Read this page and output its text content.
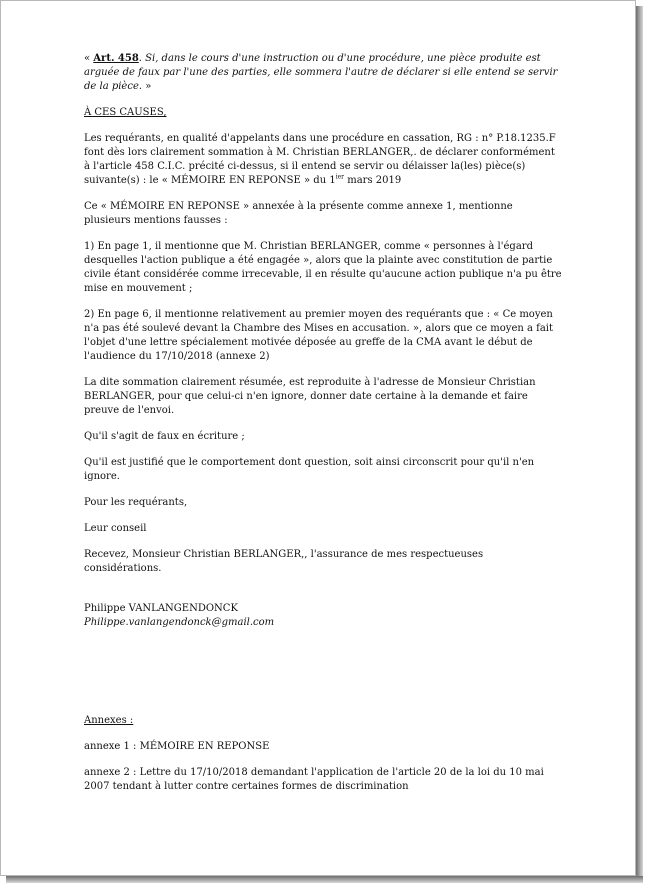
« Art. 458. Si, dans le cours d'une instruction ou d'une procédure, une pièce produite est arguée de faux par l'une des parties, elle sommera l'autre de déclarer si elle entend se servir de la pièce. »

À CES CAUSES,

Les requérants, en qualité d'appelants dans une procédure en cassation, RG : n° P.18.1235.F font dès lors clairement sommation à M. Christian BERLANGER,. de déclarer conformément à l'article 458 C.I.C. précité ci-dessus, si il entend se servir ou délaisser la(les) pièce(s) suivante(s) : le « MÉMOIRE EN REPONSE » du $1^{ier}$ mars 2019

Ce « MÉMOIRE EN REPONSE » annexée à la présente comme annexe 1, mentionne plusieurs mentions fausses :

1) En page 1, il mentionne que M. Christian BERLANGER, comme « personnes à l'égard desquelles l'action publique a été engagée », alors que la plainte avec constitution de partie civile étant considérée comme irrecevable, il en résulte qu'aucune action publique n'a pu être mise en mouvement ;

2) En page 6, il mentionne relativement au premier moyen des requérants que : « Ce moyen n'a pas été soulevé devant la Chambre des Mises en accusation. », alors que ce moyen a fait l'objet d'une lettre spécialement motivée déposée au greffe de la CMA avant le début de l'audience du 17/10/2018 (annexe 2)

La dite sommation clairement résumée, est reproduite à l'adresse de Monsieur Christian BERLANGER, pour que celui-ci n'en ignore, donner date certaine à la demande et faire preuve de l'envoi.

Qu'il s'agit de faux en écriture ;

Qu'il est justifié que le comportement dont question, soit ainsi circonscrit pour qu'il n'en ignore.

Pour les requérants,

Leur conseil

Recevez, Monsieur Christian BERLANGER,, l'assurance de mes respectueuses considérations.

Philippe VANLANGENDONCK

Philippe.vanlangendonck@gmail.com

Annexes :

annexe 1 : MÉMOIRE EN REPONSE

annexe 2 : Lettre du 17/10/2018 demandant l'application de l'article 20 de la loi du 10 mai 2007 tendant à lutter contre certaines formes de discrimination
